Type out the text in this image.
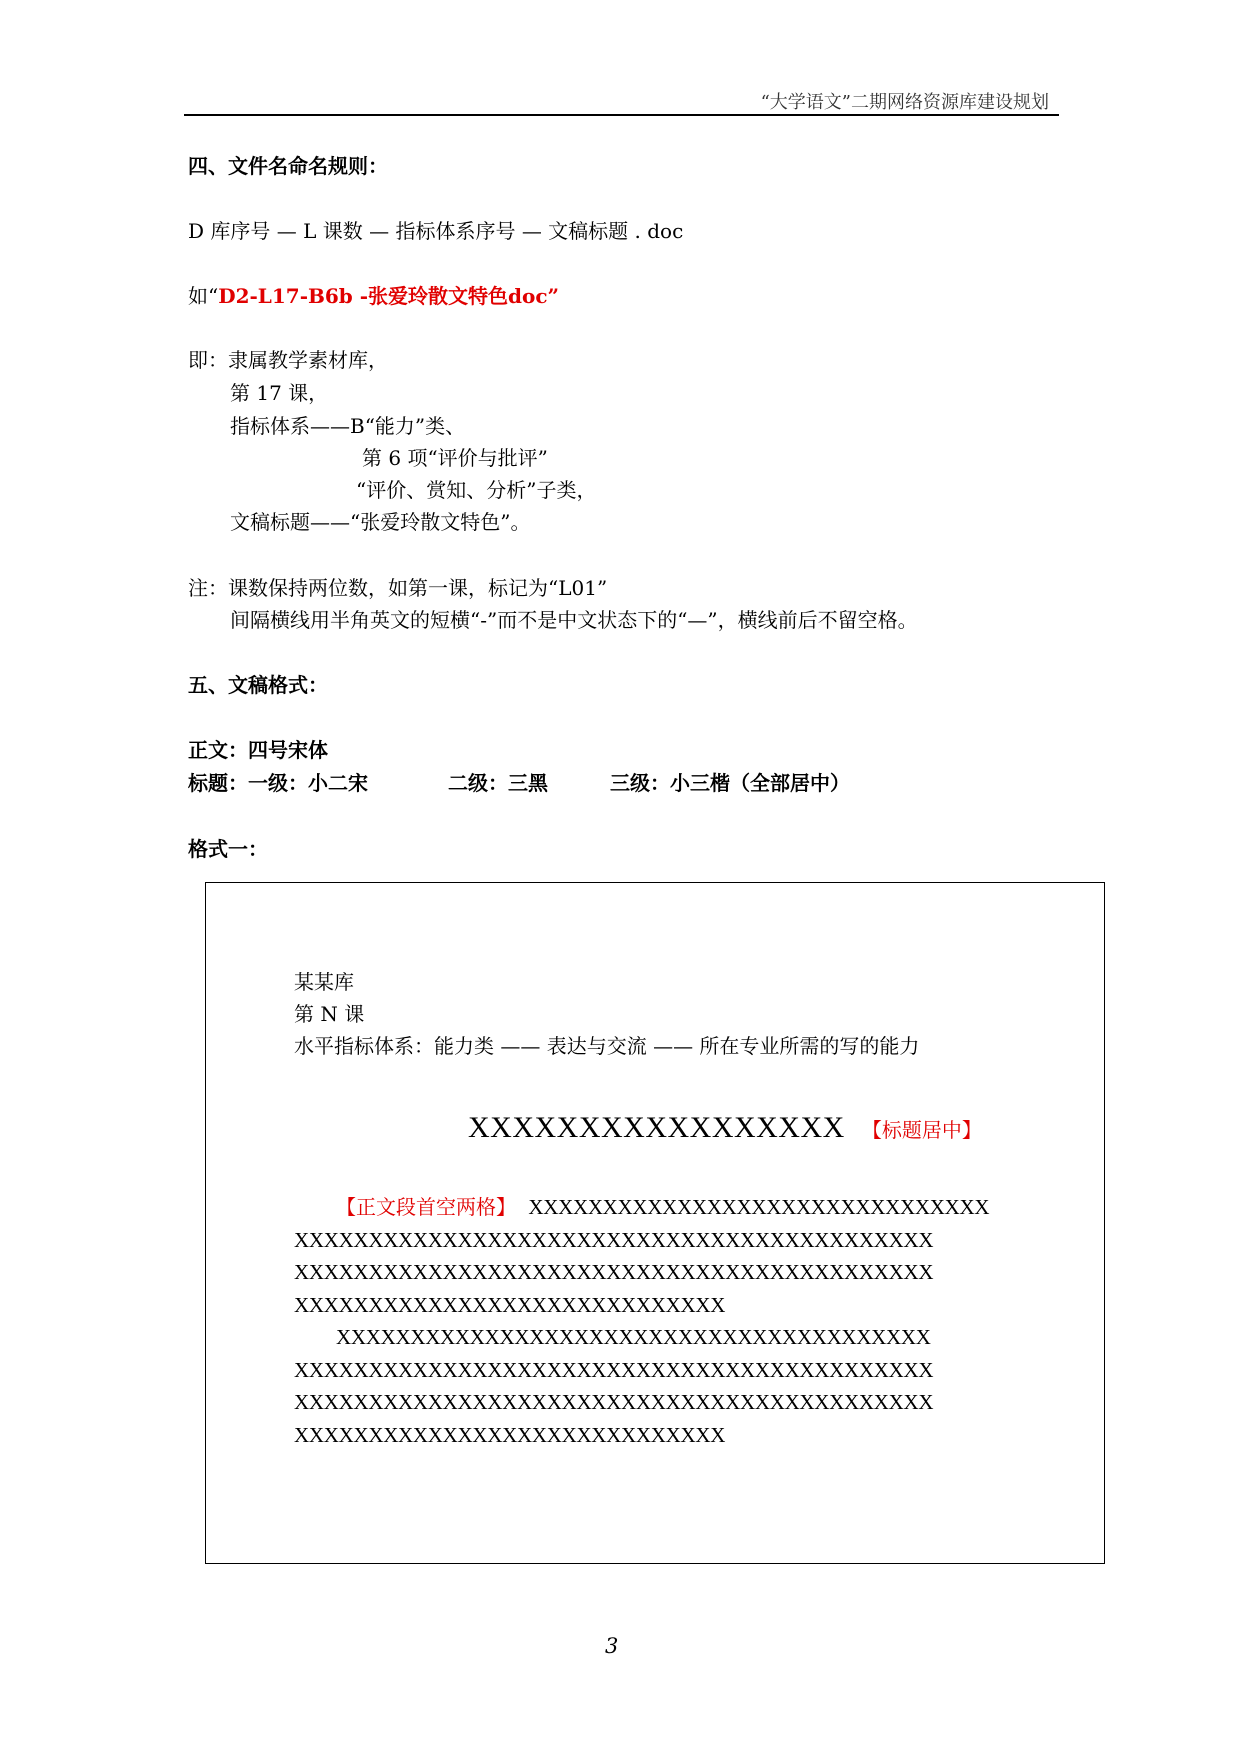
“大学语文”二期网络资源库建设规划
四、文件名命名规则：
D 库序号 — L 课数 — 指标体系序号 — 文稿标题 . doc
如“D2-L17-B6b -张爱玲散文特色doc”
即：隶属教学素材库，
第 17 课，
指标体系——B“能力”类、
第 6 项“评价与批评”
“评价、赏知、分析”子类，
文稿标题——“张爱玲散文特色”。
注：课数保持两位数，如第一课，标记为“L01”
间隔横线用半角英文的短横“-”而不是中文状态下的“—”，横线前后不留空格。
五、文稿格式：
正文：四号宋体
标题：一级：小二宋	二级：三黑	三级：小三楷（全部居中）
格式一：
某某库
第 N 课
水平指标体系：能力类 —— 表达与交流 —— 所在专业所需的写的能力
XXXXXXXXXXXXXXXXX 【标题居中】
【正文段首空两格】 XXXXXXXXXXXXXXXXXXXXXXXXXXXXXXX
XXXXXXXXXXXXXXXXXXXXXXXXXXXXXXXXXXXXXXXXXXX
XXXXXXXXXXXXXXXXXXXXXXXXXXXXXXXXXXXXXXXXXXX
XXXXXXXXXXXXXXXXXXXXXXXXXXXXX
XXXXXXXXXXXXXXXXXXXXXXXXXXXXXXXXXXXXXXXX
XXXXXXXXXXXXXXXXXXXXXXXXXXXXXXXXXXXXXXXXXXX
XXXXXXXXXXXXXXXXXXXXXXXXXXXXXXXXXXXXXXXXXXX
XXXXXXXXXXXXXXXXXXXXXXXXXXXXX
3
